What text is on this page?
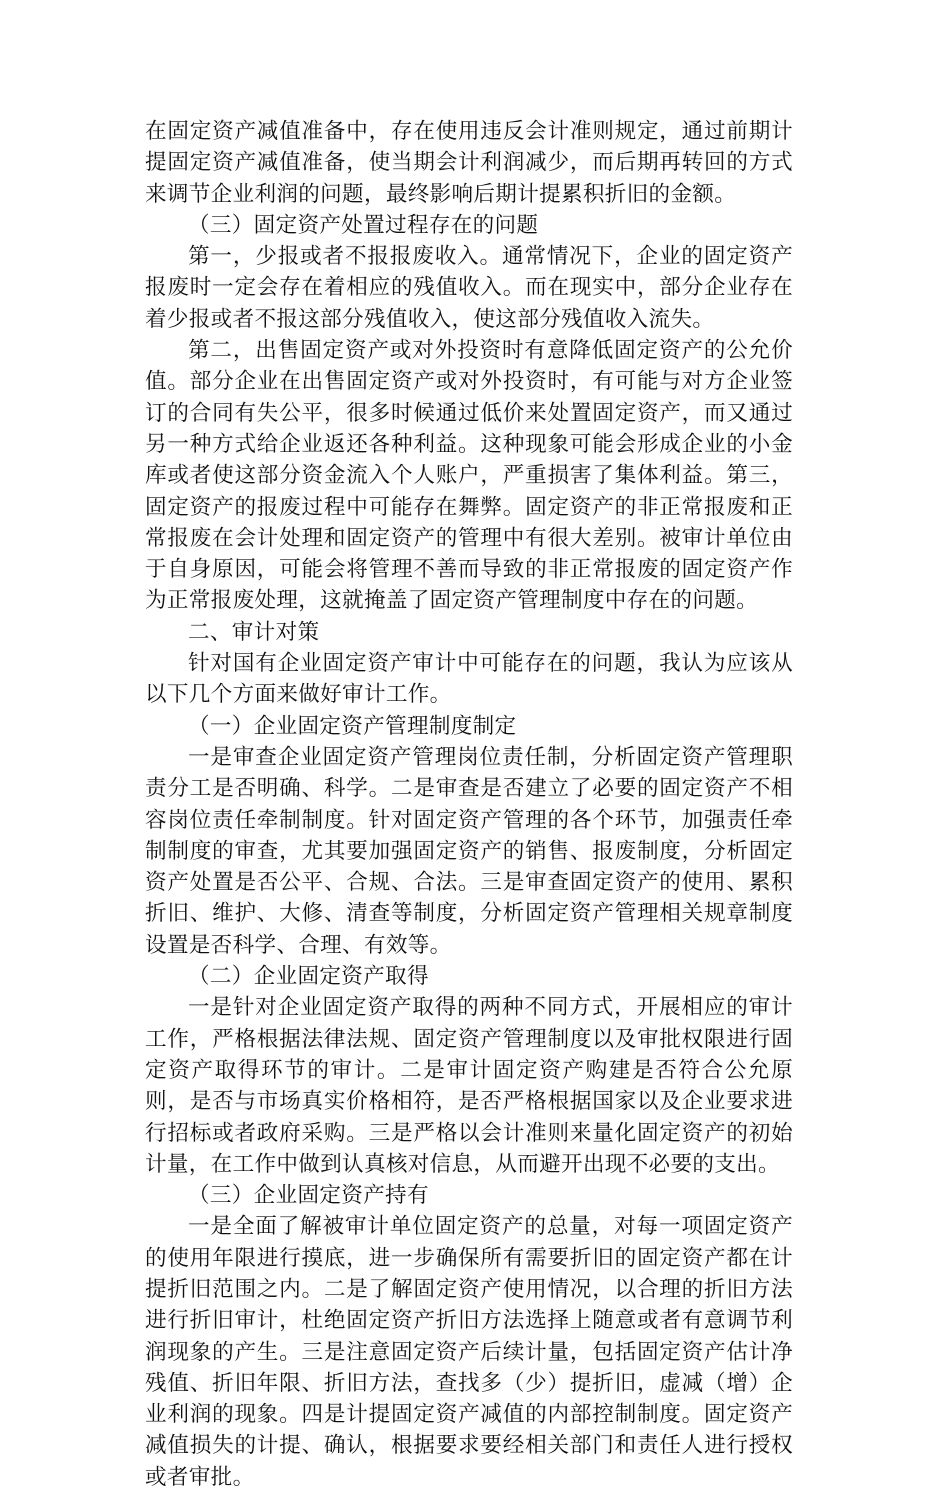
在固定资产减值准备中，存在使用违反会计准则规定，通过前期计提固定资产减值准备，使当期会计利润减少，而后期再转回的方式来调节企业利润的问题，最终影响后期计提累积折旧的金额。

（三）固定资产处置过程存在的问题

第一，少报或者不报报废收入。通常情况下，企业的固定资产报废时一定会存在着相应的残值收入。而在现实中，部分企业存在着少报或者不报这部分残值收入，使这部分残值收入流失。

第二，出售固定资产或对外投资时有意降低固定资产的公允价值。部分企业在出售固定资产或对外投资时，有可能与对方企业签订的合同有失公平，很多时候通过低价来处置固定资产，而又通过另一种方式给企业返还各种利益。这种现象可能会形成企业的小金库或者使这部分资金流入个人账户，严重损害了集体利益。第三，固定资产的报废过程中可能存在舞弊。固定资产的非正常报废和正常报废在会计处理和固定资产的管理中有很大差别。被审计单位由于自身原因，可能会将管理不善而导致的非正常报废的固定资产作为正常报废处理，这就掩盖了固定资产管理制度中存在的问题。

二、审计对策

针对国有企业固定资产审计中可能存在的问题，我认为应该从以下几个方面来做好审计工作。

（一）企业固定资产管理制度制定

一是审查企业固定资产管理岗位责任制，分析固定资产管理职责分工是否明确、科学。二是审查是否建立了必要的固定资产不相容岗位责任牵制制度。针对固定资产管理的各个环节，加强责任牵制制度的审查，尤其要加强固定资产的销售、报废制度，分析固定资产处置是否公平、合规、合法。三是审查固定资产的使用、累积折旧、维护、大修、清查等制度，分析固定资产管理相关规章制度设置是否科学、合理、有效等。

（二）企业固定资产取得

一是针对企业固定资产取得的两种不同方式，开展相应的审计工作，严格根据法律法规、固定资产管理制度以及审批权限进行固定资产取得环节的审计。二是审计固定资产购建是否符合公允原则，是否与市场真实价格相符，是否严格根据国家以及企业要求进行招标或者政府采购。三是严格以会计准则来量化固定资产的初始计量，在工作中做到认真核对信息，从而避开出现不必要的支出。

（三）企业固定资产持有

一是全面了解被审计单位固定资产的总量，对每一项固定资产的使用年限进行摸底，进一步确保所有需要折旧的固定资产都在计提折旧范围之内。二是了解固定资产使用情况，以合理的折旧方法进行折旧审计，杜绝固定资产折旧方法选择上随意或者有意调节利润现象的产生。三是注意固定资产后续计量，包括固定资产估计净残值、折旧年限、折旧方法，查找多（少）提折旧，虚减（增）企业利润的现象。四是计提固定资产减值的内部控制制度。固定资产减值损失的计提、确认，根据要求要经相关部门和责任人进行授权或者审批。
